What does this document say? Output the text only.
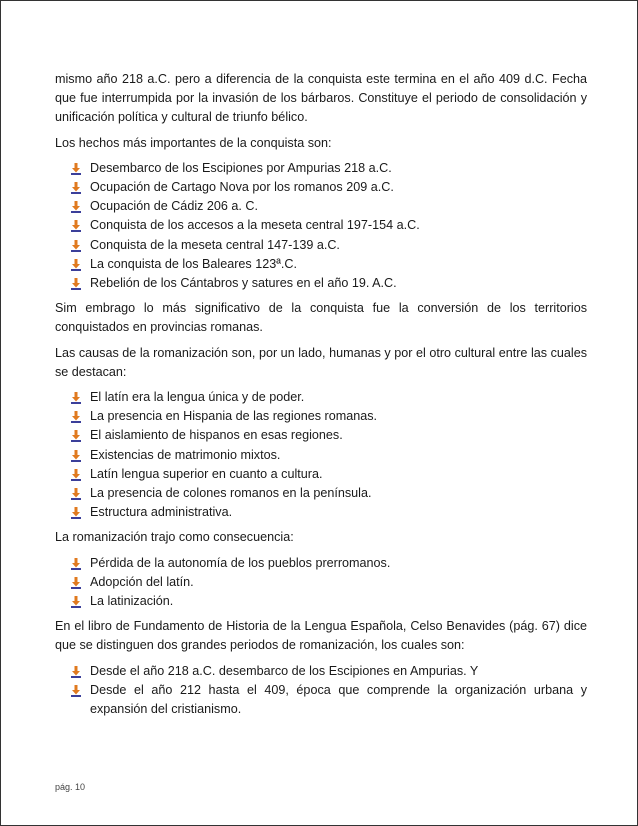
mismo año 218 a.C. pero a diferencia de la conquista este termina en el año 409 d.C. Fecha que fue interrumpida por la invasión de los bárbaros. Constituye el periodo de consolidación y unificación política y cultural de triunfo bélico.

Los hechos más importantes de la conquista son:

Desembarco de los Escipiones por Ampurias 218 a.C.
Ocupación de Cartago Nova por los romanos 209 a.C.
Ocupación de Cádiz 206 a. C.
Conquista de los accesos a la meseta central 197-154 a.C.
Conquista de la meseta central 147-139 a.C.
La conquista de los Baleares 123ª.C.
Rebelión de los Cántabros y satures en el año 19. A.C.

Sim embrago lo más significativo de la conquista fue la conversión de los territorios conquistados en provincias romanas.

Las causas de la romanización son, por un lado, humanas y por el otro cultural entre las cuales se destacan:

El latín era la lengua única y de poder.
La presencia en Hispania de las regiones romanas.
El aislamiento de hispanos en esas regiones.
Existencias de matrimonio mixtos.
Latín lengua superior en cuanto a cultura.
La presencia de colones romanos en la península.
Estructura administrativa.

La romanización trajo como consecuencia:

Pérdida de la autonomía de los pueblos prerromanos.
Adopción del latín.
La latinización.

En el libro de Fundamento de Historia de la Lengua Española, Celso Benavides (pág. 67) dice que se distinguen dos grandes periodos de romanización, los cuales son:

Desde el año 218 a.C. desembarco de los Escipiones en Ampurias. Y
Desde el año 212 hasta el 409, época que comprende la organización urbana y expansión del cristianismo.
pág. 10
